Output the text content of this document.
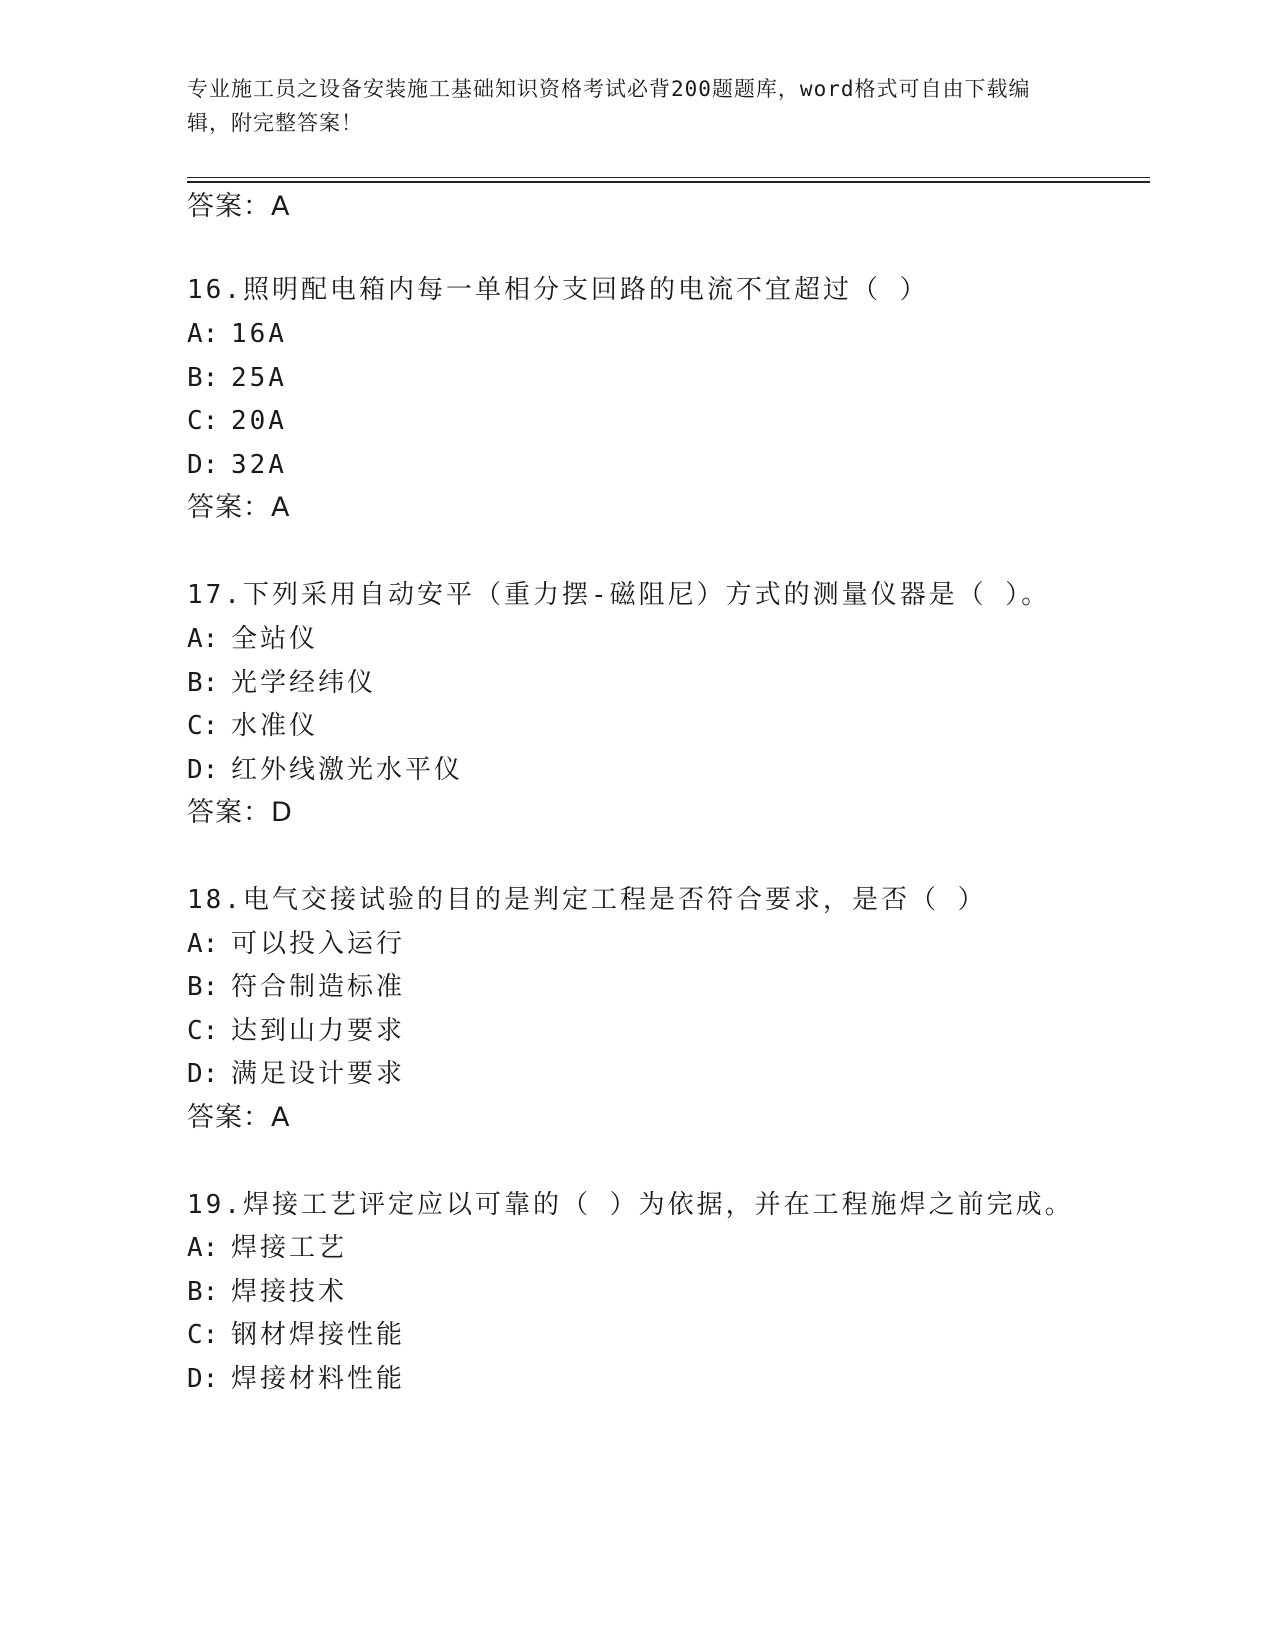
专业施工员之设备安装施工基础知识资格考试必背200题题库，word格式可自由下载编辑，附完整答案！
答案：A
16.照明配电箱内每一单相分支回路的电流不宜超过（ ）
A: 16A
B: 25A
C: 20A
D: 32A
答案：A
17.下列采用自动安平（重力摆-磁阻尼）方式的测量仪器是（ ）。
A: 全站仪
B: 光学经纬仪
C: 水准仪
D: 红外线激光水平仪
答案：D
18.电气交接试验的目的是判定工程是否符合要求，是否（ ）
A: 可以投入运行
B: 符合制造标准
C: 达到山力要求
D: 满足设计要求
答案：A
19.焊接工艺评定应以可靠的（ ）为依据，并在工程施焊之前完成。
A: 焊接工艺
B: 焊接技术
C: 钢材焊接性能
D: 焊接材料性能
